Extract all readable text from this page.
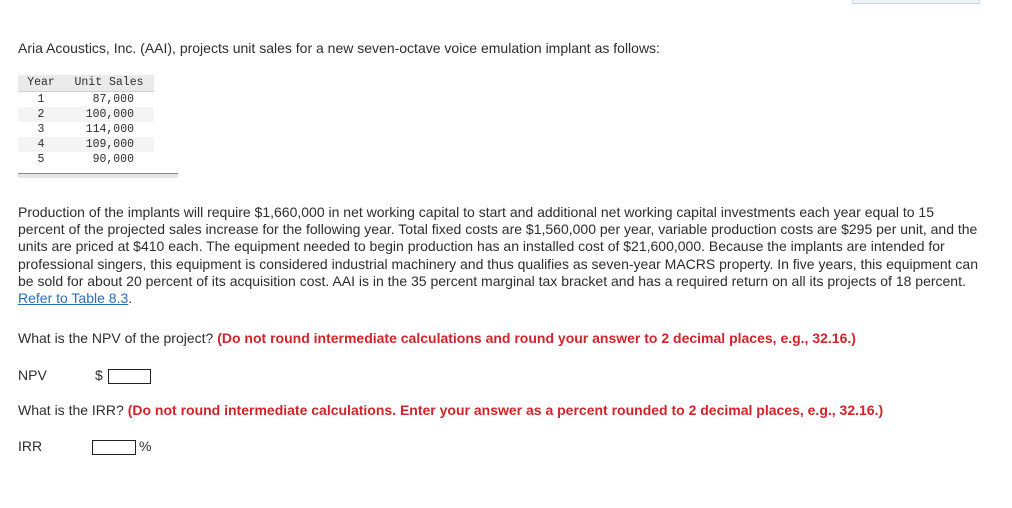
Aria Acoustics, Inc. (AAI), projects unit sales for a new seven-octave voice emulation implant as follows:
Year	Unit Sales
1	87,000
2	100,000
3	114,000
4	109,000
5	90,000
Production of the implants will require $1,660,000 in net working capital to start and additional net working capital investments each year equal to 15 percent of the projected sales increase for the following year. Total fixed costs are $1,560,000 per year, variable production costs are $295 per unit, and the units are priced at $410 each. The equipment needed to begin production has an installed cost of $21,600,000. Because the implants are intended for professional singers, this equipment is considered industrial machinery and thus qualifies as seven-year MACRS property. In five years, this equipment can be sold for about 20 percent of its acquisition cost. AAI is in the 35 percent marginal tax bracket and has a required return on all its projects of 18 percent. Refer to Table 8.3.
What is the NPV of the project? (Do not round intermediate calculations and round your answer to 2 decimal places, e.g., 32.16.)
NPV	$
What is the IRR? (Do not round intermediate calculations. Enter your answer as a percent rounded to 2 decimal places, e.g., 32.16.)
IRR	%
